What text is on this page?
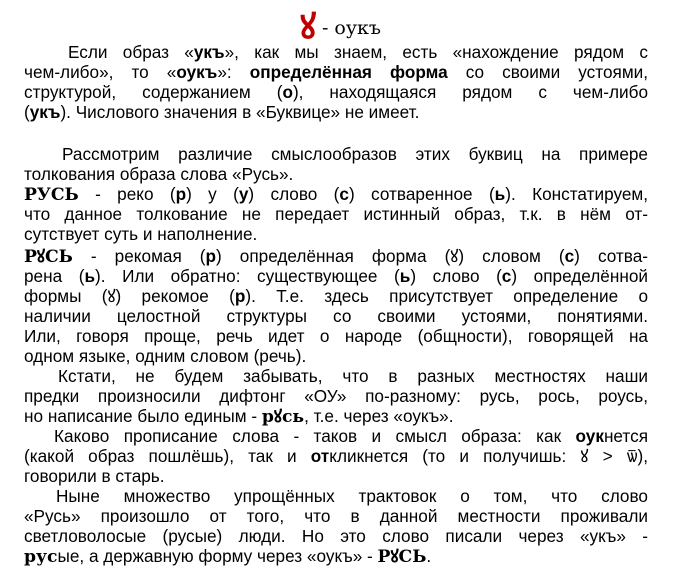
ꙋ - оукъ
Если образ «укъ», как мы знаем, есть «нахождение рядом с
чем-либо», то «оукъ»: определённая форма со своими устоями,
структурой, содержанием (о), находящаяся рядом с чем-либо
(укъ). Числового значения в «Буквице» не имеет.
Рассмотрим различие смыслообразов этих буквиц на примере
толкования образа слова «Русь».
РУСЬ - реко (р) у (у) слово (с) сотваренное (ь). Констатируем,
что данное толкование не передает истинный образ, т.к. в нём от-
сутствует суть и наполнение.
РꙋСЬ - рекомая (р) определённая форма (ꙋ) словом (с) сотва-
рена (ь). Или обратно: существующее (ь) слово (с) определённой
формы (ꙋ) рекомое (р). Т.е. здесь присутствует определение о
наличии целостной структуры со своими устоями, понятиями.
Или, говоря проще, речь идет о народе (общности), говорящей на
одном языке, одним словом (речь).
Кстати, не будем забывать, что в разных местностях наши
предки произносили дифтонг «ОУ» по-разному: русь, рось, роусь,
но написание было единым - рꙋсь, т.е. через «оукъ».
Каково прописание слова - таков и смысл образа: как оукнется
(какой образ пошлёшь), так и откликнется (то и получишь: ꙋ > ѿ),
говорили в старь.
Ныне множество упрощённых трактовок о том, что слово
«Русь» произошло от того, что в данной местности проживали
светловолосые (русые) люди. Но это слово писали через «укъ» -
русые, а державную форму через «оукъ» - РꙋСЬ.
